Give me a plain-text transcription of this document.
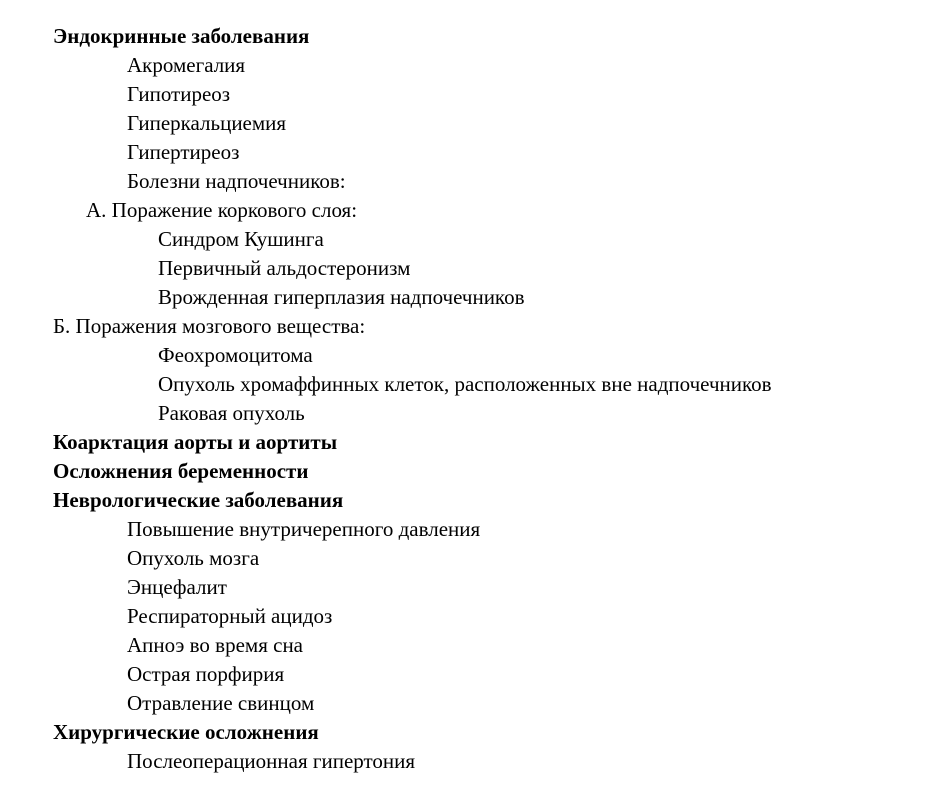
Эндокринные заболевания
Акромегалия
Гипотиреоз
Гиперкальциемия
Гипертиреоз
Болезни надпочечников:
А. Поражение коркового слоя:
Синдром Кушинга
Первичный альдостеронизм
Врожденная гиперплазия надпочечников
Б. Поражения мозгового вещества:
Феохромоцитома
Опухоль хромаффинных клеток, расположенных вне надпочечников
Раковая опухоль
Коарктация аорты и аортиты
Осложнения беременности
Неврологические заболевания
Повышение внутричерепного давления
Опухоль мозга
Энцефалит
Респираторный ацидоз
Апноэ во время сна
Острая порфирия
Отравление свинцом
Хирургические осложнения
Послеоперационная гипертония
